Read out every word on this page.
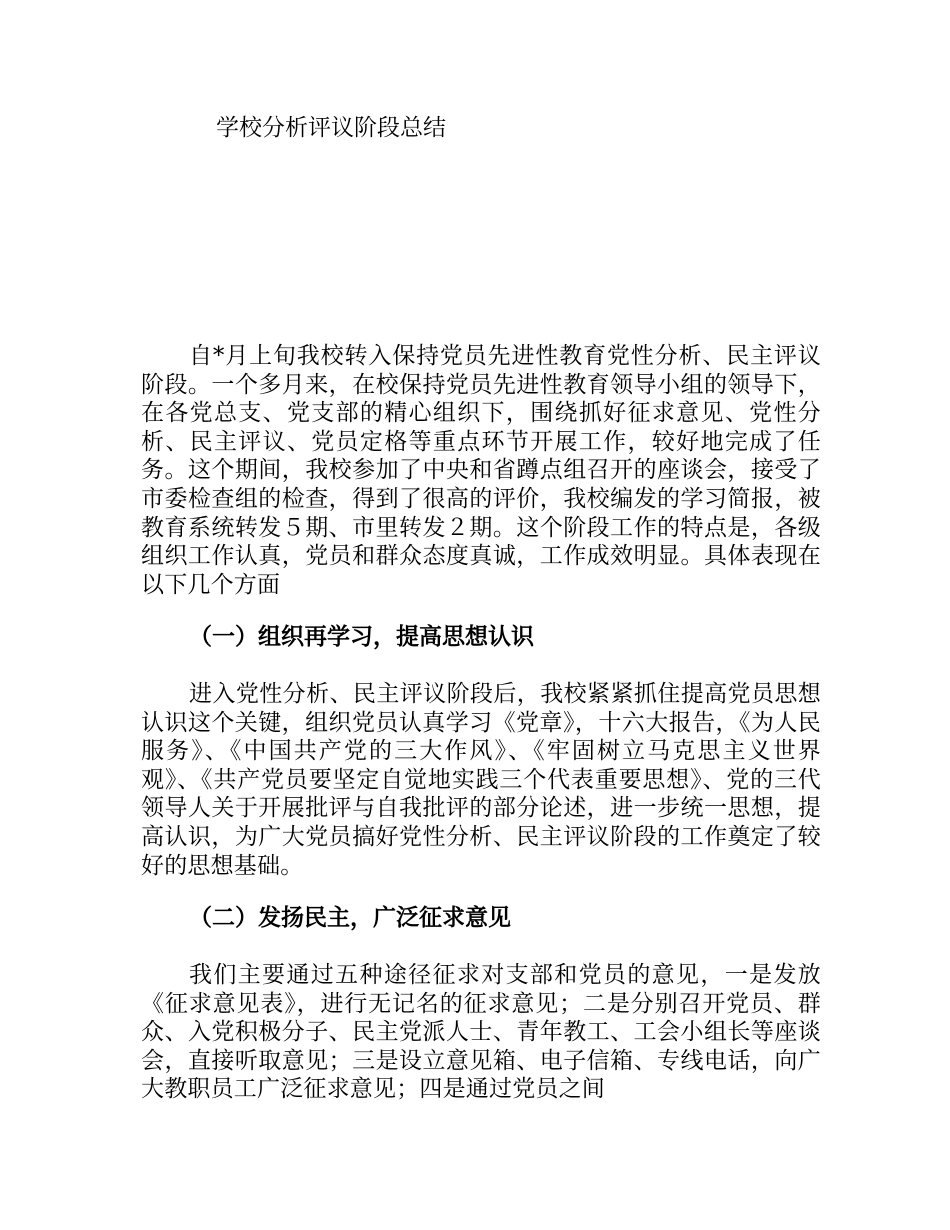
学校分析评议阶段总结

自*月上旬我校转入保持党员先进性教育党性分析、民主评议阶段。一个多月来，在校保持党员先进性教育领导小组的领导下，在各党总支、党支部的精心组织下，围绕抓好征求意见、党性分析、民主评议、党员定格等重点环节开展工作，较好地完成了任务。这个期间，我校参加了中央和省蹲点组召开的座谈会，接受了市委检查组的检查，得到了很高的评价，我校编发的学习简报，被教育系统转发５期、市里转发２期。这个阶段工作的特点是，各级组织工作认真，党员和群众态度真诚，工作成效明显。具体表现在以下几个方面

（一）组织再学习，提高思想认识

进入党性分析、民主评议阶段后，我校紧紧抓住提高党员思想认识这个关键，组织党员认真学习《党章》，十六大报告，《为人民服务》、《中国共产党的三大作风》、《牢固树立马克思主义世界观》、《共产党员要坚定自觉地实践三个代表重要思想》、党的三代领导人关于开展批评与自我批评的部分论述，进一步统一思想，提高认识，为广大党员搞好党性分析、民主评议阶段的工作奠定了较好的思想基础。

（二）发扬民主，广泛征求意见

我们主要通过五种途径征求对支部和党员的意见，一是发放《征求意见表》，进行无记名的征求意见；二是分别召开党员、群众、入党积极分子、民主党派人士、青年教工、工会小组长等座谈会，直接听取意见；三是设立意见箱、电子信箱、专线电话，向广大教职员工广泛征求意见；四是通过党员之间
